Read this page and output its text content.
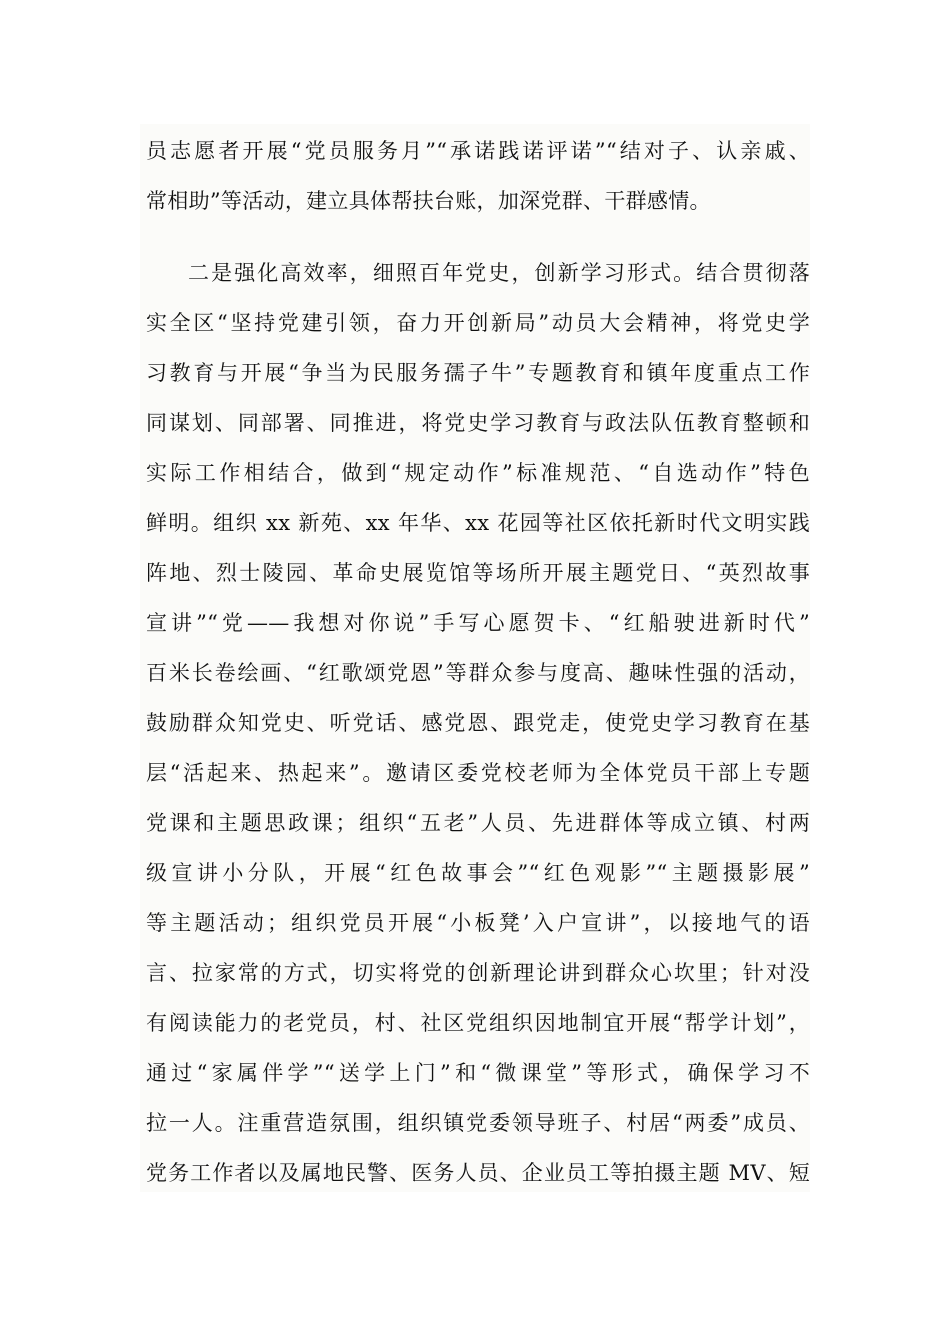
员志愿者开展“党员服务月”“承诺践诺评诺”“结对子、认亲戚、
常相助”等活动，建立具体帮扶台账，加深党群、干群感情。
二是强化高效率，细照百年党史，创新学习形式。结合贯彻落
实全区“坚持党建引领，奋力开创新局”动员大会精神，将党史学
习教育与开展“争当为民服务孺子牛”专题教育和镇年度重点工作
同谋划、同部署、同推进，将党史学习教育与政法队伍教育整顿和
实际工作相结合，做到“规定动作”标准规范、“自选动作”特色
鲜明。组织 xx 新苑、xx 年华、xx 花园等社区依托新时代文明实践
阵地、烈士陵园、革命史展览馆等场所开展主题党日、“英烈故事
宣讲”“党——我想对你说”手写心愿贺卡、“红船驶进新时代”
百米长卷绘画、“红歌颂党恩”等群众参与度高、趣味性强的活动，
鼓励群众知党史、听党话、感党恩、跟党走，使党史学习教育在基
层“活起来、热起来”。邀请区委党校老师为全体党员干部上专题
党课和主题思政课；组织“五老”人员、先进群体等成立镇、村两
级宣讲小分队，开展“红色故事会”“红色观影”“主题摄影展”
等主题活动；组织党员开展“小板凳’入户宣讲”，以接地气的语
言、拉家常的方式，切实将党的创新理论讲到群众心坎里；针对没
有阅读能力的老党员，村、社区党组织因地制宜开展“帮学计划”，
通过“家属伴学”“送学上门”和“微课堂”等形式，确保学习不
拉一人。注重营造氛围，组织镇党委领导班子、村居“两委”成员、
党务工作者以及属地民警、医务人员、企业员工等拍摄主题 MV、短
